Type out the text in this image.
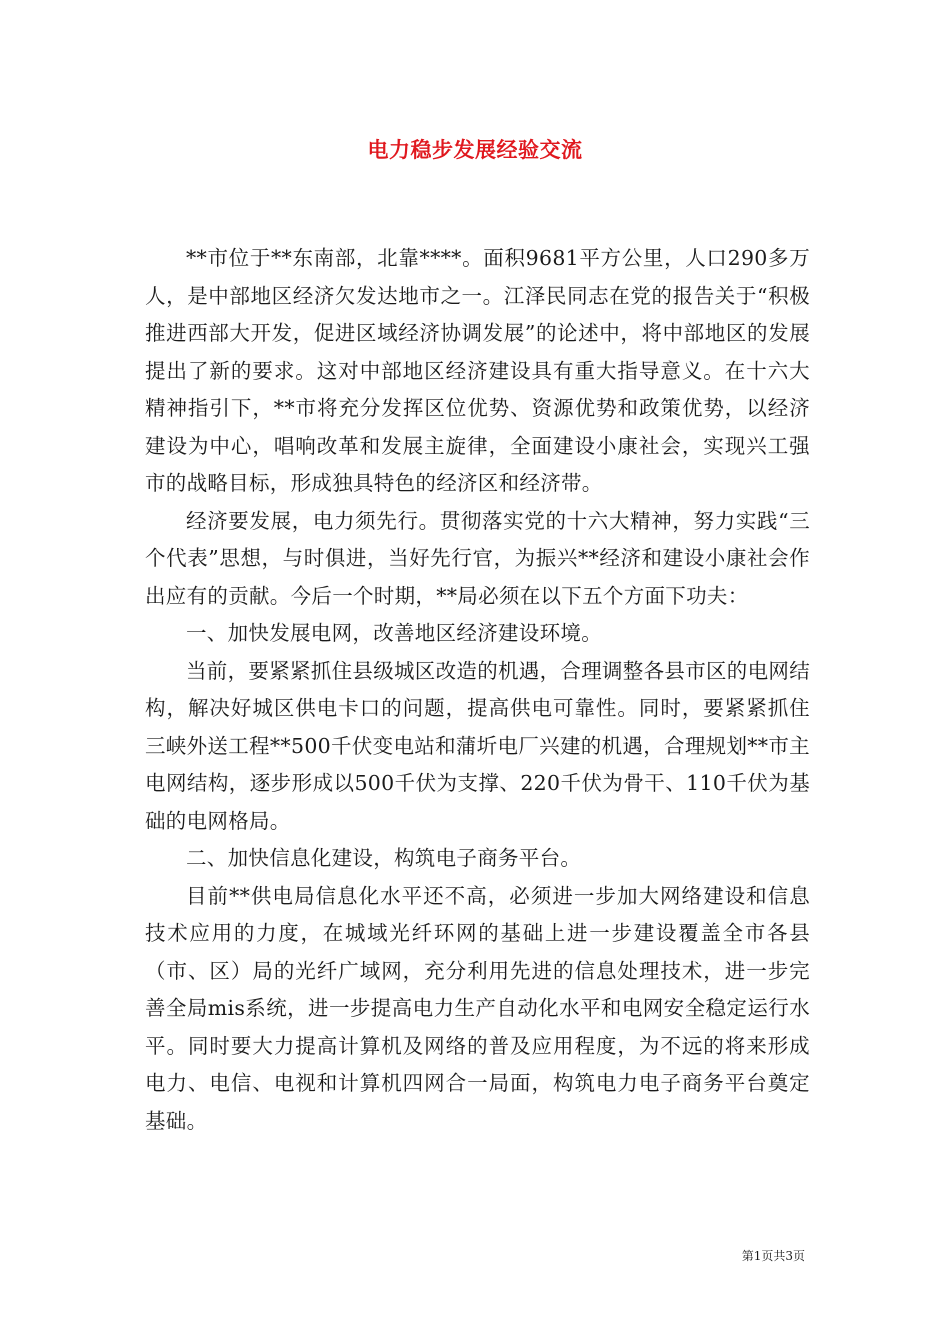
电力稳步发展经验交流

**市位于**东南部，北靠****。面积9681平方公里，人口290多万人，是中部地区经济欠发达地市之一。江泽民同志在党的报告关于“积极推进西部大开发，促进区域经济协调发展”的论述中，将中部地区的发展提出了新的要求。这对中部地区经济建设具有重大指导意义。在十六大精神指引下，**市将充分发挥区位优势、资源优势和政策优势，以经济建设为中心，唱响改革和发展主旋律，全面建设小康社会，实现兴工强市的战略目标，形成独具特色的经济区和经济带。

经济要发展，电力须先行。贯彻落实党的十六大精神，努力实践“三个代表”思想，与时俱进，当好先行官，为振兴**经济和建设小康社会作出应有的贡献。今后一个时期，**局必须在以下五个方面下功夫：

一、加快发展电网，改善地区经济建设环境。

当前，要紧紧抓住县级城区改造的机遇，合理调整各县市区的电网结构，解决好城区供电卡口的问题，提高供电可靠性。同时，要紧紧抓住三峡外送工程**500千伏变电站和蒲圻电厂兴建的机遇，合理规划**市主电网结构，逐步形成以500千伏为支撑、220千伏为骨干、110千伏为基础的电网格局。

二、加快信息化建设，构筑电子商务平台。

目前**供电局信息化水平还不高，必须进一步加大网络建设和信息技术应用的力度，在城域光纤环网的基础上进一步建设覆盖全市各县（市、区）局的光纤广域网，充分利用先进的信息处理技术，进一步完善全局mis系统，进一步提高电力生产自动化水平和电网安全稳定运行水平。同时要大力提高计算机及网络的普及应用程度，为不远的将来形成电力、电信、电视和计算机四网合一局面，构筑电力电子商务平台奠定基础。

第1页共3页
